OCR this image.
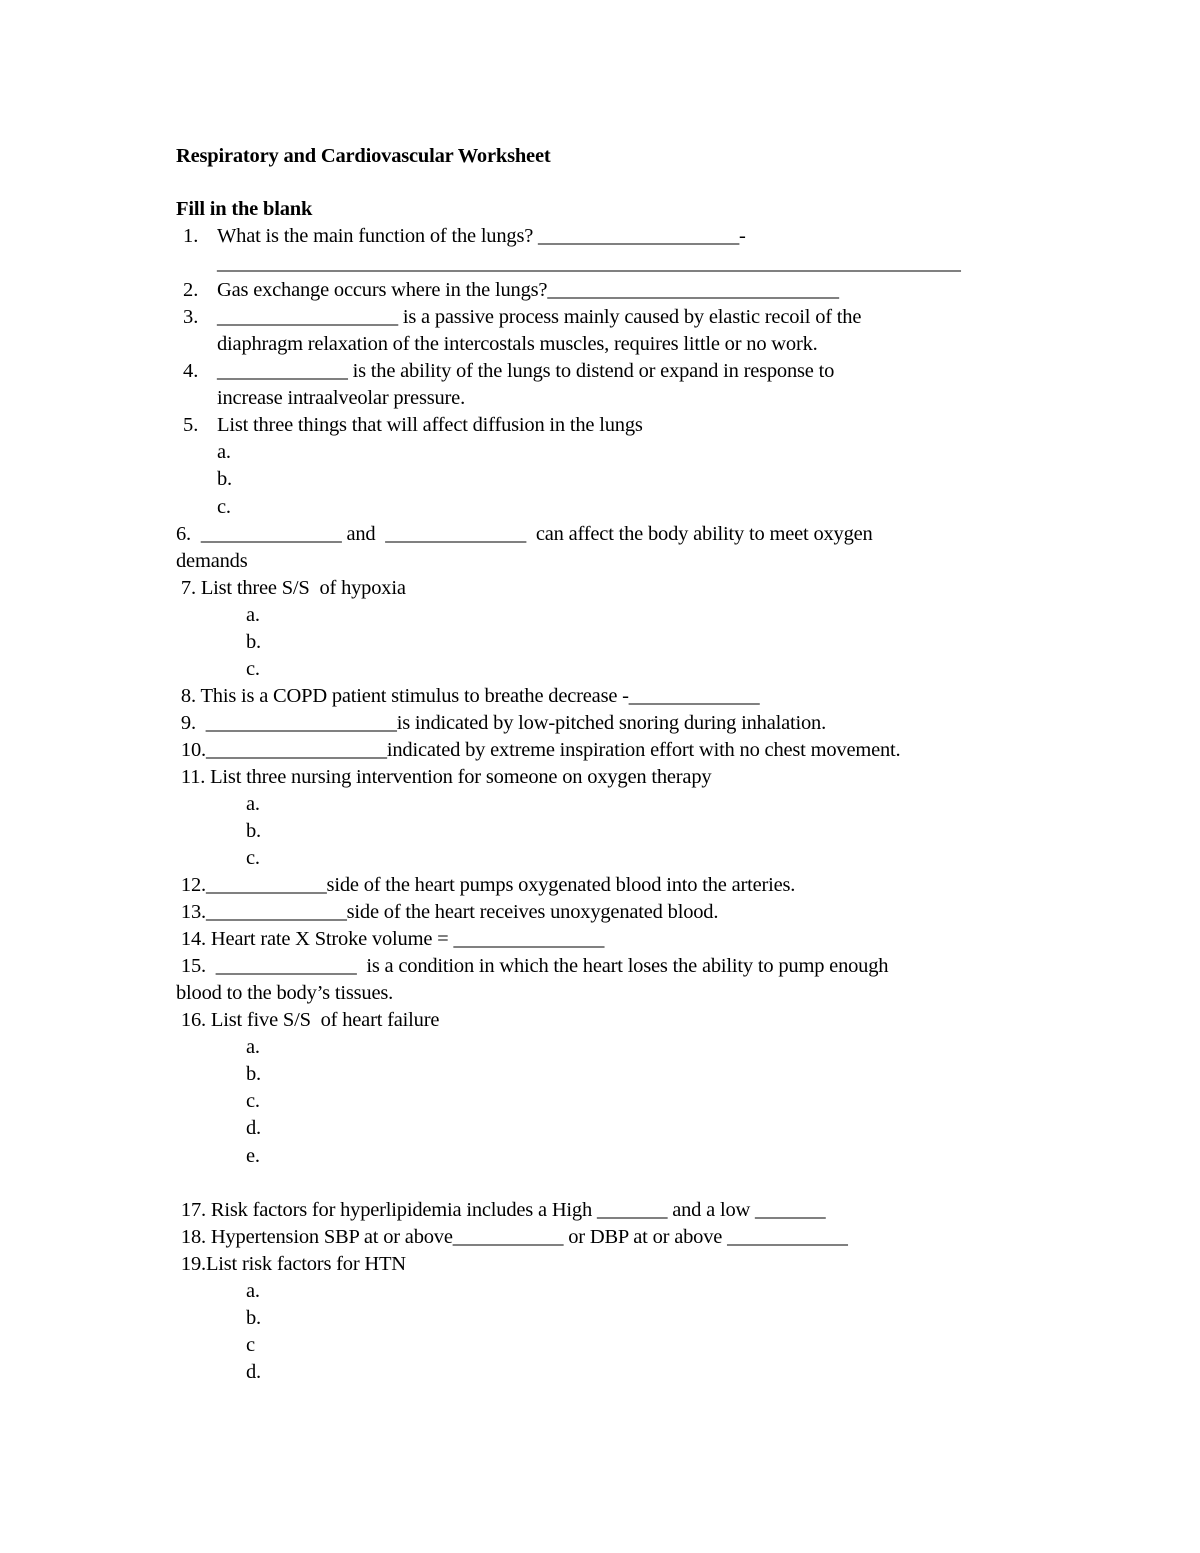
Respiratory and Cardiovascular Worksheet
Fill in the blank
1. What is the main function of the lungs? ____________________-
__________________________________________________________________________
2. Gas exchange occurs where in the lungs?_____________________________
3. __________________ is a passive process mainly caused by elastic recoil of the
diaphragm relaxation of the intercostals muscles, requires little or no work.
4. _____________ is the ability of the lungs to distend or expand in response to
increase intraalveolar pressure.
5. List three things that will affect diffusion in the lungs
a.
b.
c.
6.  ______________ and  ______________  can affect the body ability to meet oxygen
demands
7. List three S/S  of hypoxia
a.
b.
c.
8. This is a COPD patient stimulus to breathe decrease -_____________
9.  ___________________is indicated by low-pitched snoring during inhalation.
10.__________________indicated by extreme inspiration effort with no chest movement.
11. List three nursing intervention for someone on oxygen therapy
a.
b.
c.
12.____________side of the heart pumps oxygenated blood into the arteries.
13.______________side of the heart receives unoxygenated blood.
14. Heart rate X Stroke volume = _______________
15.  ______________  is a condition in which the heart loses the ability to pump enough
blood to the body’s tissues.
16. List five S/S  of heart failure
a.
b.
c.
d.
e.
17. Risk factors for hyperlipidemia includes a High _______ and a low _______
18. Hypertension SBP at or above___________ or DBP at or above ____________
19.List risk factors for HTN
a.
b.
c
d.
